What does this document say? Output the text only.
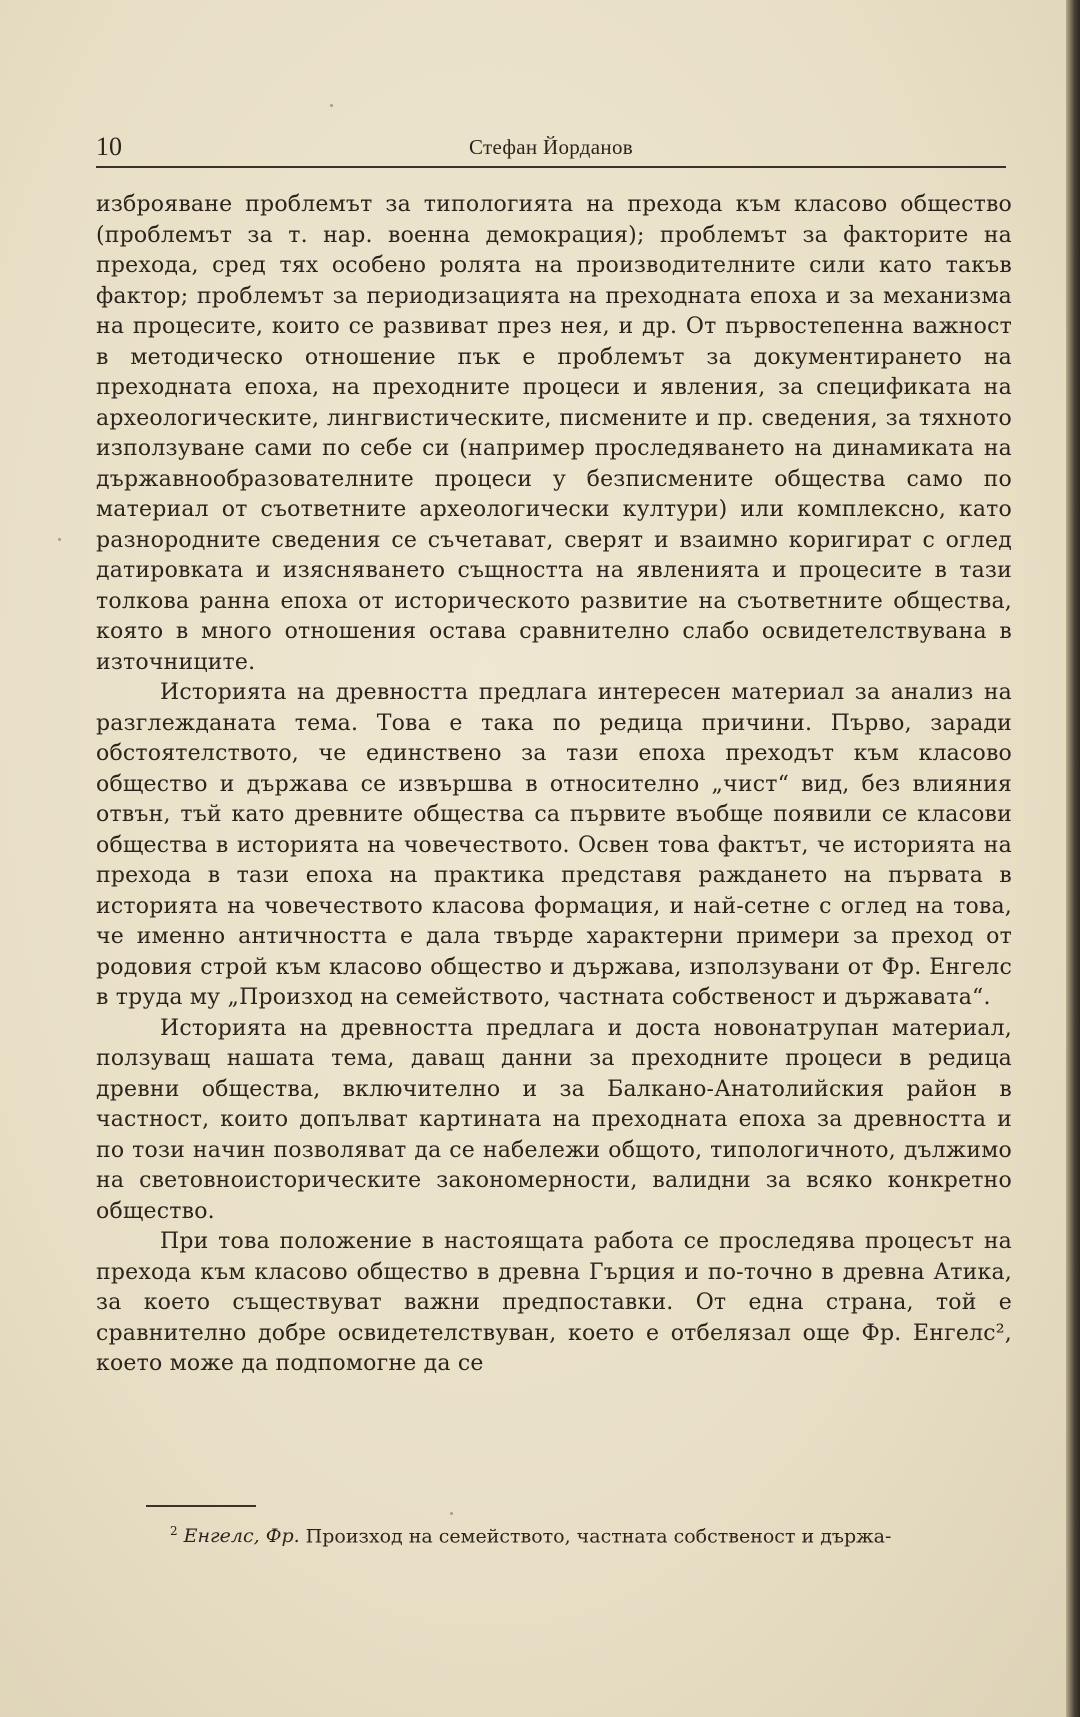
10	Стефан Йорданов

изброяване проблемът за типологията на прехода към класово общество (проблемът за т. нар. военна демокрация); проблемът за факторите на прехода, сред тях особено ролята на производителните сили като такъв фактор; проблемът за периодизацията на преходната епоха и за механизма на процесите, които се развиват през нея, и др. От първостепенна важност в методическо отношение пък е проблемът за документирането на преходната епоха, на преходните процеси и явления, за спецификата на археологическите, лингвистическите, писмените и пр. сведения, за тяхното използуване сами по себе си (например проследяването на динамиката на държавнообразователните процеси у безписмените общества само по материал от съответните археологически култури) или комплексно, като разнородните сведения се съчетават, сверят и взаимно коригират с оглед датировката и изясняването същността на явленията и процесите в тази толкова ранна епоха от историческото развитие на съответните общества, която в много отношения остава сравнително слабо освидетелствувана в източниците.

Историята на древността предлага интересен материал за анализ на разглежданата тема. Това е така по редица причини. Първо, заради обстоятелството, че единствено за тази епоха преходът към класово общество и държава се извършва в относително „чист“ вид, без влияния отвън, тъй като древните общества са първите въобще появили се класови общества в историята на човечеството. Освен това фактът, че историята на прехода в тази епоха на практика представя раждането на първата в историята на човечеството класова формация, и най-сетне с оглед на това, че именно античността е дала твърде характерни примери за преход от родовия строй към класово общество и държава, използувани от Фр. Енгелс в труда му „Произход на семейството, частната собственост и държавата“.

Историята на древността предлага и доста новонатрупан материал, ползуващ нашата тема, даващ данни за преходните процеси в редица древни общества, включително и за Балкано-Анатолийския район в частност, които допълват картината на преходната епоха за древността и по този начин позволяват да се набележи общото, типологичното, дължимо на световноисторическите закономерности, валидни за всяко конкретно общество.

При това положение в настоящата работа се проследява процесът на прехода към класово общество в древна Гърция и по-точно в древна Атика, за което съществуват важни предпоставки. От една страна, той е сравнително добре освидетелствуван, което е отбелязал още Фр. Енгелс², което може да подпомогне да се

$^2$ Енгелс, Фр. Произход на семейството, частната собственост и държа-
